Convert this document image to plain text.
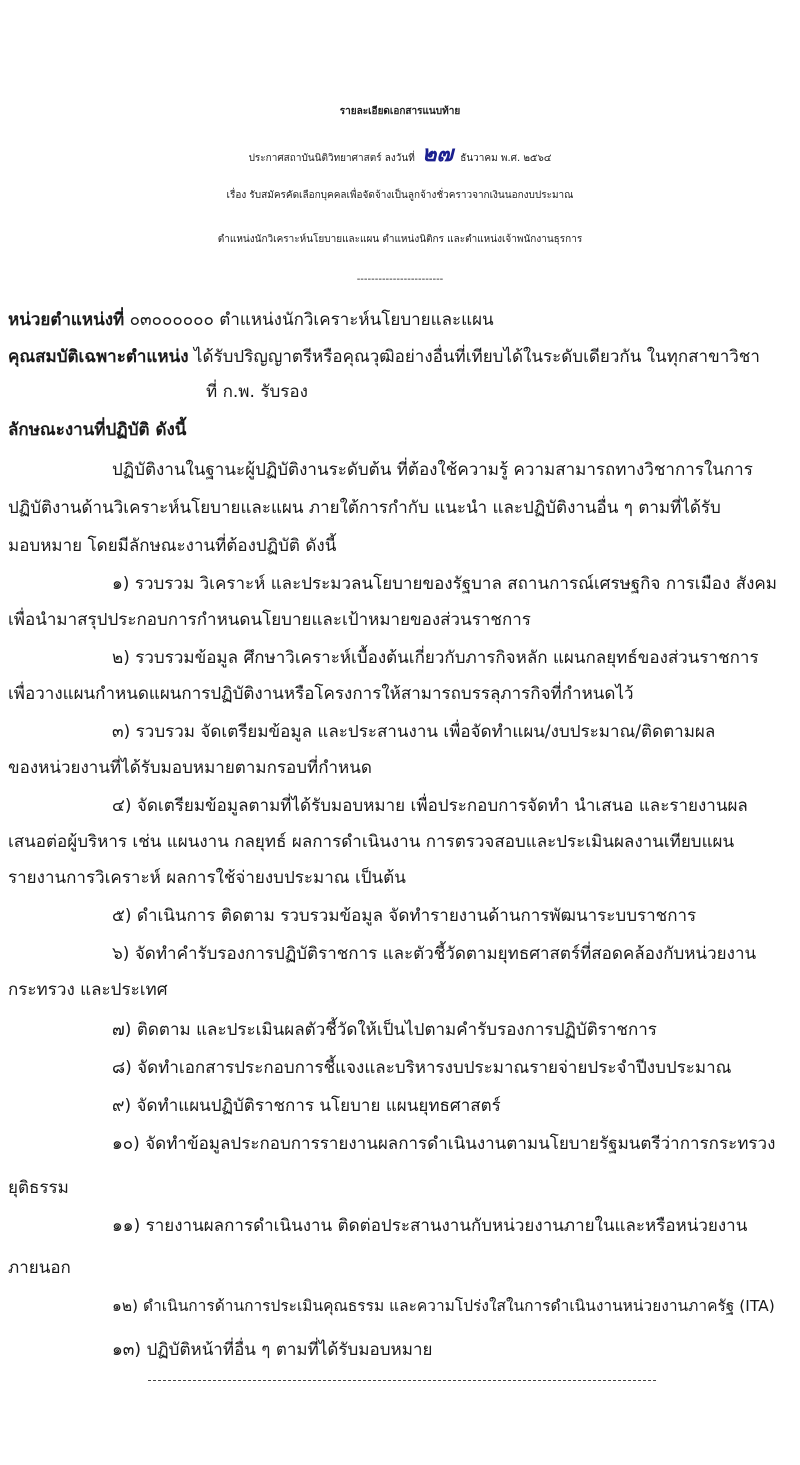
รายละเอียดเอกสารแนบท้าย
ประกาศสถาบันนิติวิทยาศาสตร์ ลงวันที่ ๒๗ ธันวาคม พ.ศ. ๒๕๖๔
เรื่อง รับสมัครคัดเลือกบุคคลเพื่อจัดจ้างเป็นลูกจ้างชั่วคราวจากเงินนอกงบประมาณ
ตำแหน่งนักวิเคราะห์นโยบายและแผน ตำแหน่งนิติกร และตำแหน่งเจ้าพนักงานธุรการ
------------------------
หน่วยตำแหน่งที่ ๐๓๐๐๐๐๐๐ ตำแหน่งนักวิเคราะห์นโยบายและแผน
คุณสมบัติเฉพาะตำแหน่ง ได้รับปริญญาตรีหรือคุณวุฒิอย่างอื่นที่เทียบได้ในระดับเดียวกัน ในทุกสาขาวิชา
ที่ ก.พ. รับรอง
ลักษณะงานที่ปฏิบัติ ดังนี้
ปฏิบัติงานในฐานะผู้ปฏิบัติงานระดับต้น ที่ต้องใช้ความรู้ ความสามารถทางวิชาการในการ
ปฏิบัติงานด้านวิเคราะห์นโยบายและแผน ภายใต้การกำกับ แนะนำ และปฏิบัติงานอื่น ๆ ตามที่ได้รับ
มอบหมาย โดยมีลักษณะงานที่ต้องปฏิบัติ ดังนี้
๑) รวบรวม วิเคราะห์ และประมวลนโยบายของรัฐบาล สถานการณ์เศรษฐกิจ การเมือง สังคม
เพื่อนำมาสรุปประกอบการกำหนดนโยบายและเป้าหมายของส่วนราชการ
๒) รวบรวมข้อมูล ศึกษาวิเคราะห์เบื้องต้นเกี่ยวกับภารกิจหลัก แผนกลยุทธ์ของส่วนราชการ
เพื่อวางแผนกำหนดแผนการปฏิบัติงานหรือโครงการให้สามารถบรรลุภารกิจที่กำหนดไว้
๓) รวบรวม จัดเตรียมข้อมูล และประสานงาน เพื่อจัดทำแผน/งบประมาณ/ติดตามผล
ของหน่วยงานที่ได้รับมอบหมายตามกรอบที่กำหนด
๔) จัดเตรียมข้อมูลตามที่ได้รับมอบหมาย เพื่อประกอบการจัดทำ นำเสนอ และรายงานผล
เสนอต่อผู้บริหาร เช่น แผนงาน กลยุทธ์ ผลการดำเนินงาน การตรวจสอบและประเมินผลงานเทียบแผน
รายงานการวิเคราะห์ ผลการใช้จ่ายงบประมาณ เป็นต้น
๕) ดำเนินการ ติดตาม รวบรวมข้อมูล จัดทำรายงานด้านการพัฒนาระบบราชการ
๖) จัดทำคำรับรองการปฏิบัติราชการ และตัวชี้วัดตามยุทธศาสตร์ที่สอดคล้องกับหน่วยงาน
กระทรวง และประเทศ
๗) ติดตาม และประเมินผลตัวชี้วัดให้เป็นไปตามคำรับรองการปฏิบัติราชการ
๘) จัดทำเอกสารประกอบการชี้แจงและบริหารงบประมาณรายจ่ายประจำปีงบประมาณ
๙) จัดทำแผนปฏิบัติราชการ นโยบาย แผนยุทธศาสตร์
๑๐) จัดทำข้อมูลประกอบการรายงานผลการดำเนินงานตามนโยบายรัฐมนตรีว่าการกระทรวง
ยุติธรรม
๑๑) รายงานผลการดำเนินงาน ติดต่อประสานงานกับหน่วยงานภายในและหรือหน่วยงาน
ภายนอก
๑๒) ดำเนินการด้านการประเมินคุณธรรม และความโปร่งใสในการดำเนินงานหน่วยงานภาครัฐ (ITA)
๑๓) ปฏิบัติหน้าที่อื่น ๆ ตามที่ได้รับมอบหมาย
